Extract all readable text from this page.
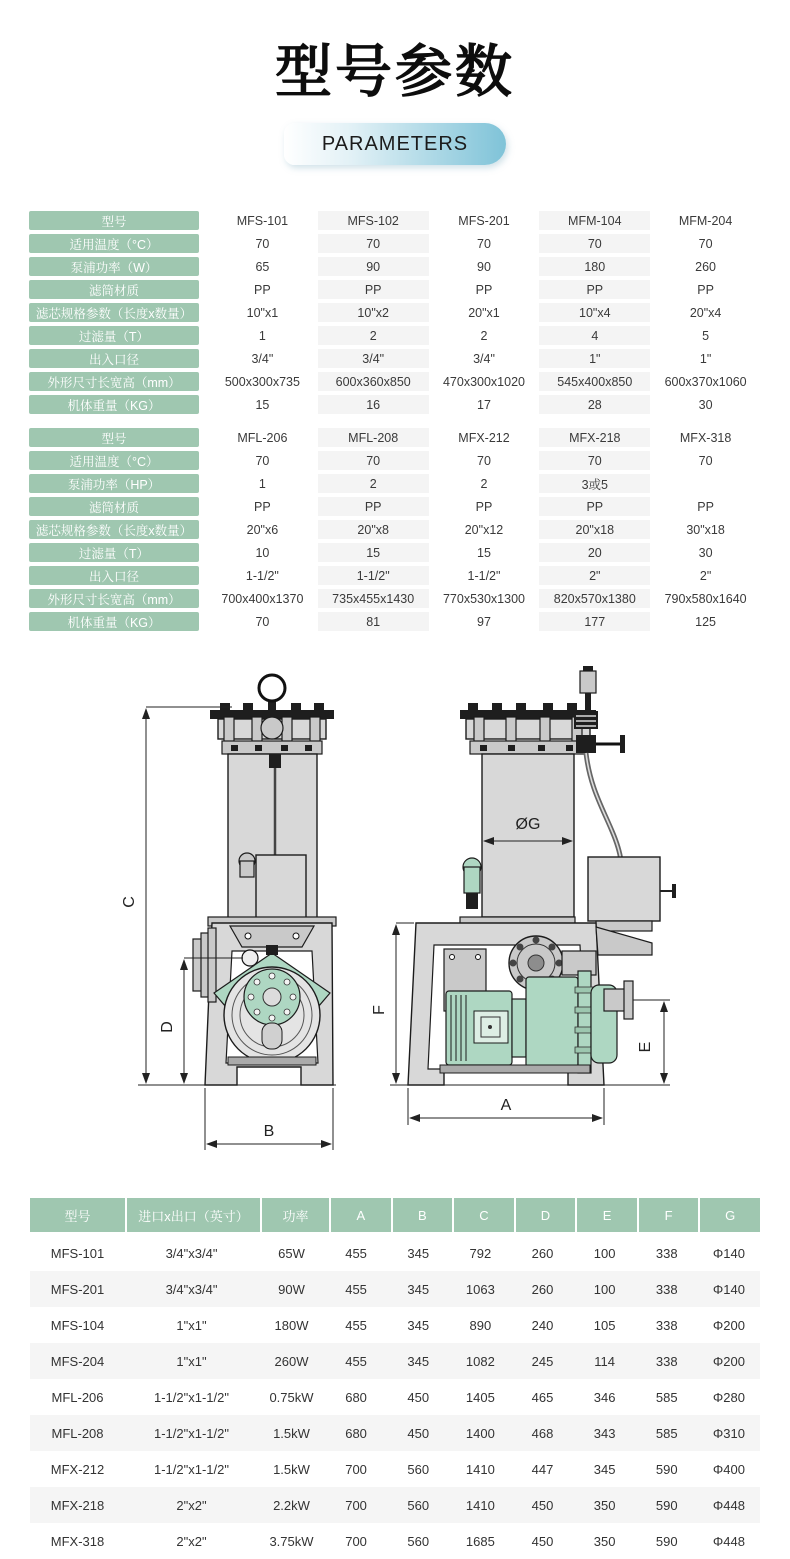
型号参数
PARAMETERS
型号	MFS-101	MFS-102	MFS-201	MFM-104	MFM-204
适用温度（°C）	70	70	70	70	70
泵浦功率（W）	65	90	90	180	260
滤筒材质	PP	PP	PP	PP	PP
滤芯规格参数（长度x数量）	10"x1	10"x2	20"x1	10"x4	20"x4
过滤量（T）	1	2	2	4	5
出入口径	3/4"	3/4"	3/4"	1"	1"
外形尺寸长宽高（mm）	500x300x735	600x360x850	470x300x1020	545x400x850	600x370x1060
机体重量（KG）	15	16	17	28	30
型号	MFL-206	MFL-208	MFX-212	MFX-218	MFX-318
适用温度（°C）	70	70	70	70	70
泵浦功率（HP）	1	2	2	3或5
滤筒材质	PP	PP	PP	PP	PP
滤芯规格参数（长度x数量）	20"x6	20"x8	20"x12	20"x18	30"x18
过滤量（T）	10	15	15	20	30
出入口径	1-1/2"	1-1/2"	1-1/2"	2"	2"
外形尺寸长宽高（mm）	700x400x1370	735x455x1430	770x530x1300	820x570x1380	790x580x1640
机体重量（KG）	70	81	97	177	125
C
D
B
ØG
F
E
A
型号	进口x出口（英寸）	功率	A	B	C	D	E	F	G
MFS-101	3/4"x3/4"	65W	455	345	792	260	100	338	Φ140
MFS-201	3/4"x3/4"	90W	455	345	1063	260	100	338	Φ140
MFS-104	1"x1"	180W	455	345	890	240	105	338	Φ200
MFS-204	1"x1"	260W	455	345	1082	245	114	338	Φ200
MFL-206	1-1/2"x1-1/2"	0.75kW	680	450	1405	465	346	585	Φ280
MFL-208	1-1/2"x1-1/2"	1.5kW	680	450	1400	468	343	585	Φ310
MFX-212	1-1/2"x1-1/2"	1.5kW	700	560	1410	447	345	590	Φ400
MFX-218	2"x2"	2.2kW	700	560	1410	450	350	590	Φ448
MFX-318	2"x2"	3.75kW	700	560	1685	450	350	590	Φ448
